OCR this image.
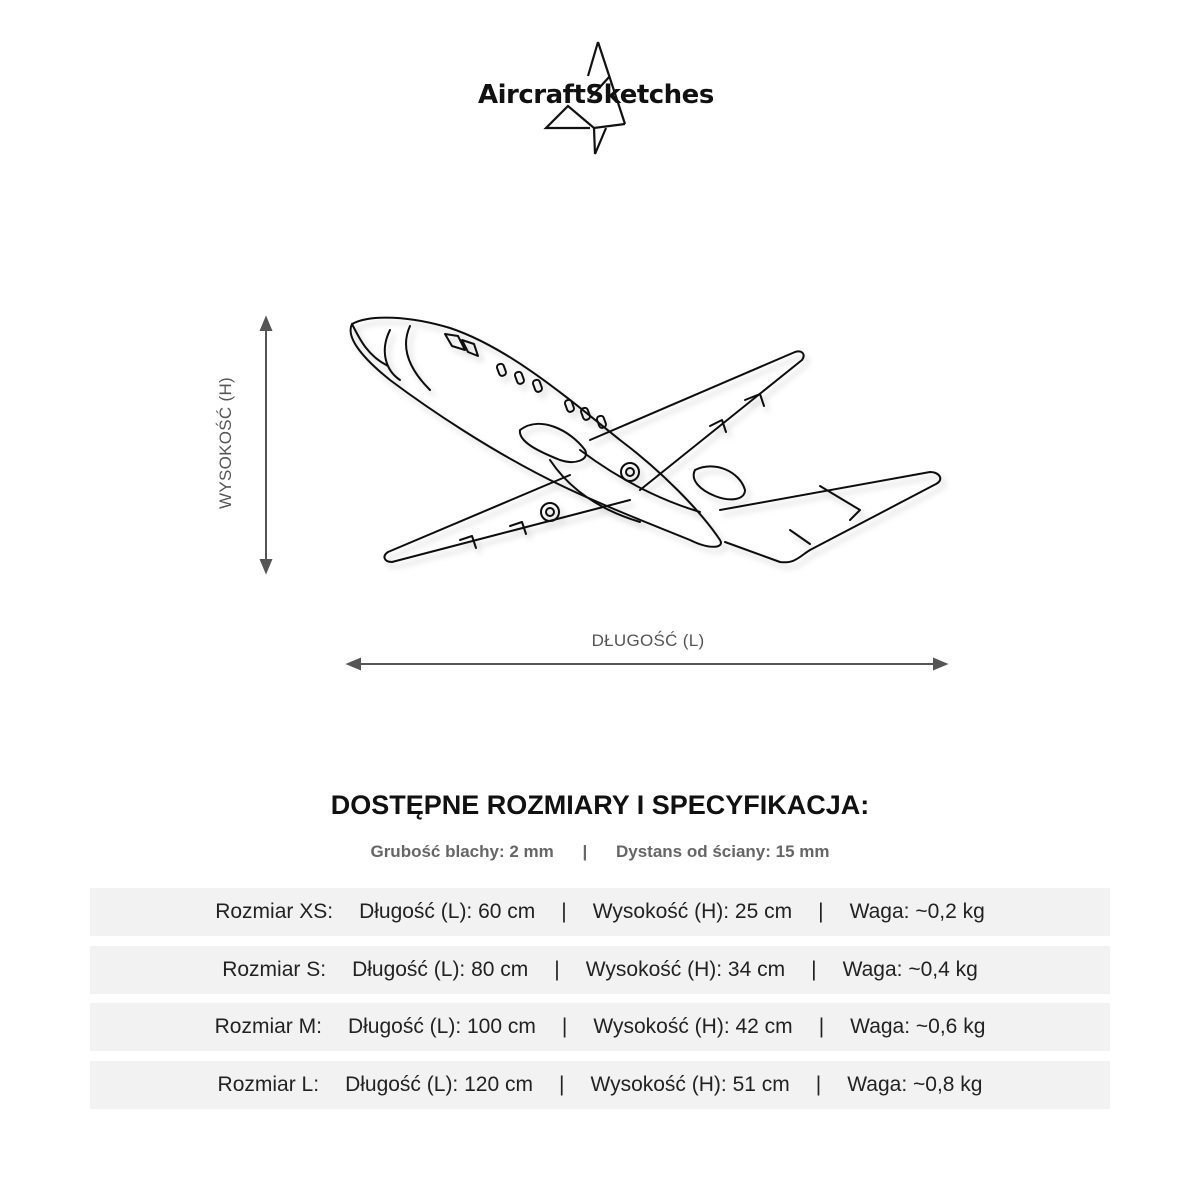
AircraftSketches
WYSOKOŚĆ (H)
DŁUGOŚĆ (L)
DOSTĘPNE ROZMIARY I SPECYFIKACJA:
Grubość blachy: 2 mm | Dystans od ściany: 15 mm
Rozmiar XS: Długość (L): 60 cm | Wysokość (H): 25 cm | Waga: ~0,2 kg
Rozmiar S: Długość (L): 80 cm | Wysokość (H): 34 cm | Waga: ~0,4 kg
Rozmiar M: Długość (L): 100 cm | Wysokość (H): 42 cm | Waga: ~0,6 kg
Rozmiar L: Długość (L): 120 cm | Wysokość (H): 51 cm | Waga: ~0,8 kg
